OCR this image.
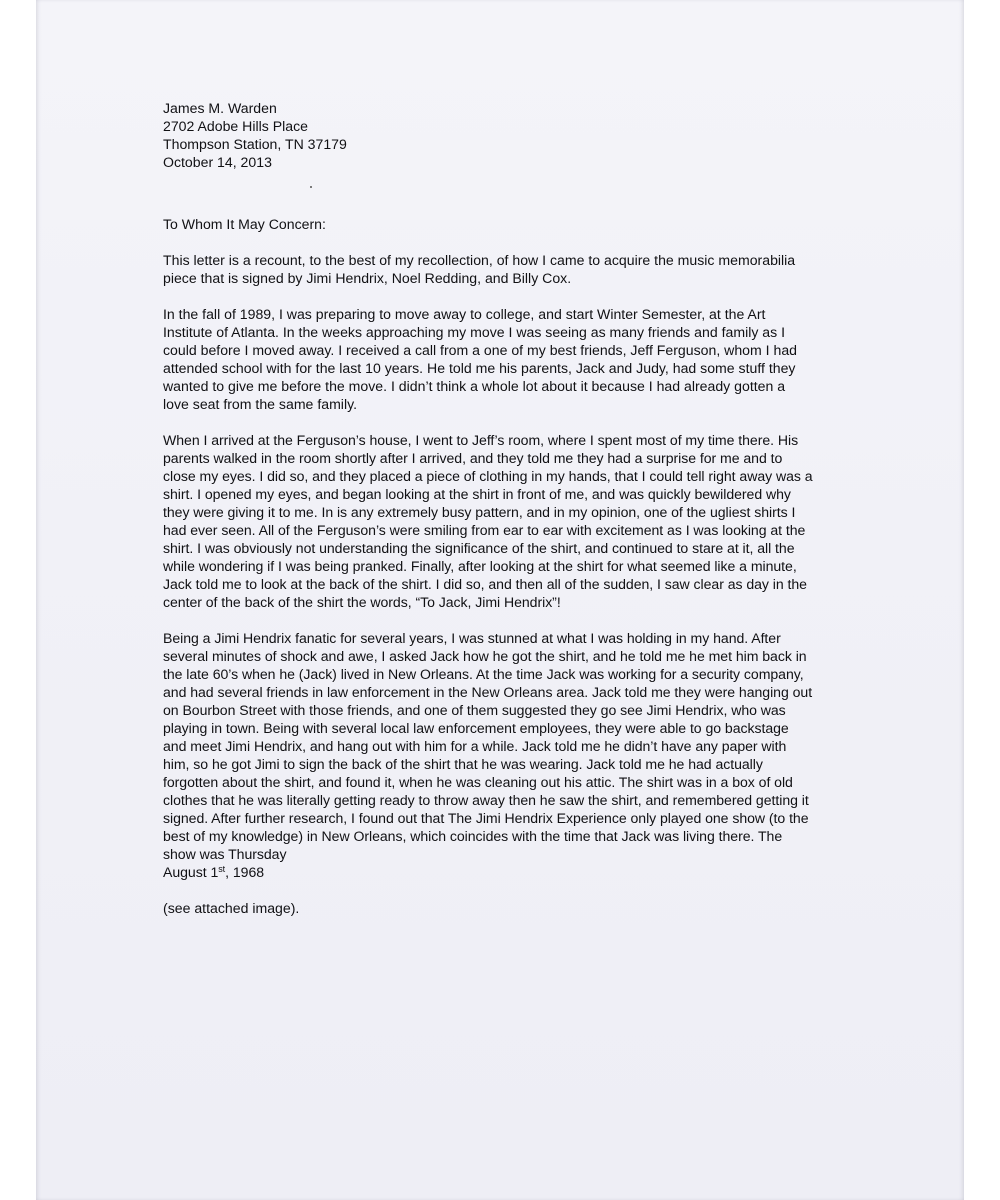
James M. Warden
2702 Adobe Hills Place
Thompson Station, TN 37179
October 14, 2013

To Whom It May Concern:

This letter is a recount, to the best of my recollection, of how I came to acquire the music memorabilia piece that is signed by Jimi Hendrix, Noel Redding, and Billy Cox.

In the fall of 1989, I was preparing to move away to college, and start Winter Semester, at the Art Institute of Atlanta. In the weeks approaching my move I was seeing as many friends and family as I could before I moved away. I received a call from a one of my best friends, Jeff Ferguson, whom I had attended school with for the last 10 years. He told me his parents, Jack and Judy, had some stuff they wanted to give me before the move. I didn’t think a whole lot about it because I had already gotten a love seat from the same family.

When I arrived at the Ferguson’s house, I went to Jeff’s room, where I spent most of my time there. His parents walked in the room shortly after I arrived, and they told me they had a surprise for me and to close my eyes. I did so, and they placed a piece of clothing in my hands, that I could tell right away was a shirt. I opened my eyes, and began looking at the shirt in front of me, and was quickly bewildered why they were giving it to me. In is any extremely busy pattern, and in my opinion, one of the ugliest shirts I had ever seen. All of the Ferguson’s were smiling from ear to ear with excitement as I was looking at the shirt. I was obviously not understanding the significance of the shirt, and continued to stare at it, all the while wondering if I was being pranked. Finally, after looking at the shirt for what seemed like a minute, Jack told me to look at the back of the shirt. I did so, and then all of the sudden, I saw clear as day in the center of the back of the shirt the words, “To Jack, Jimi Hendrix”!

Being a Jimi Hendrix fanatic for several years, I was stunned at what I was holding in my hand. After several minutes of shock and awe, I asked Jack how he got the shirt, and he told me he met him back in the late 60’s when he (Jack) lived in New Orleans. At the time Jack was working for a security company, and had several friends in law enforcement in the New Orleans area. Jack told me they were hanging out on Bourbon Street with those friends, and one of them suggested they go see Jimi Hendrix, who was playing in town. Being with several local law enforcement employees, they were able to go backstage and meet Jimi Hendrix, and hang out with him for a while. Jack told me he didn’t have any paper with him, so he got Jimi to sign the back of the shirt that he was wearing. Jack told me he had actually forgotten about the shirt, and found it, when he was cleaning out his attic. The shirt was in a box of old clothes that he was literally getting ready to throw away then he saw the shirt, and remembered getting it signed. After further research, I found out that The Jimi Hendrix Experience only played one show (to the best of my knowledge) in New Orleans, which coincides with the time that Jack was living there. The show was Thursday
August 1st, 1968

(see attached image).
